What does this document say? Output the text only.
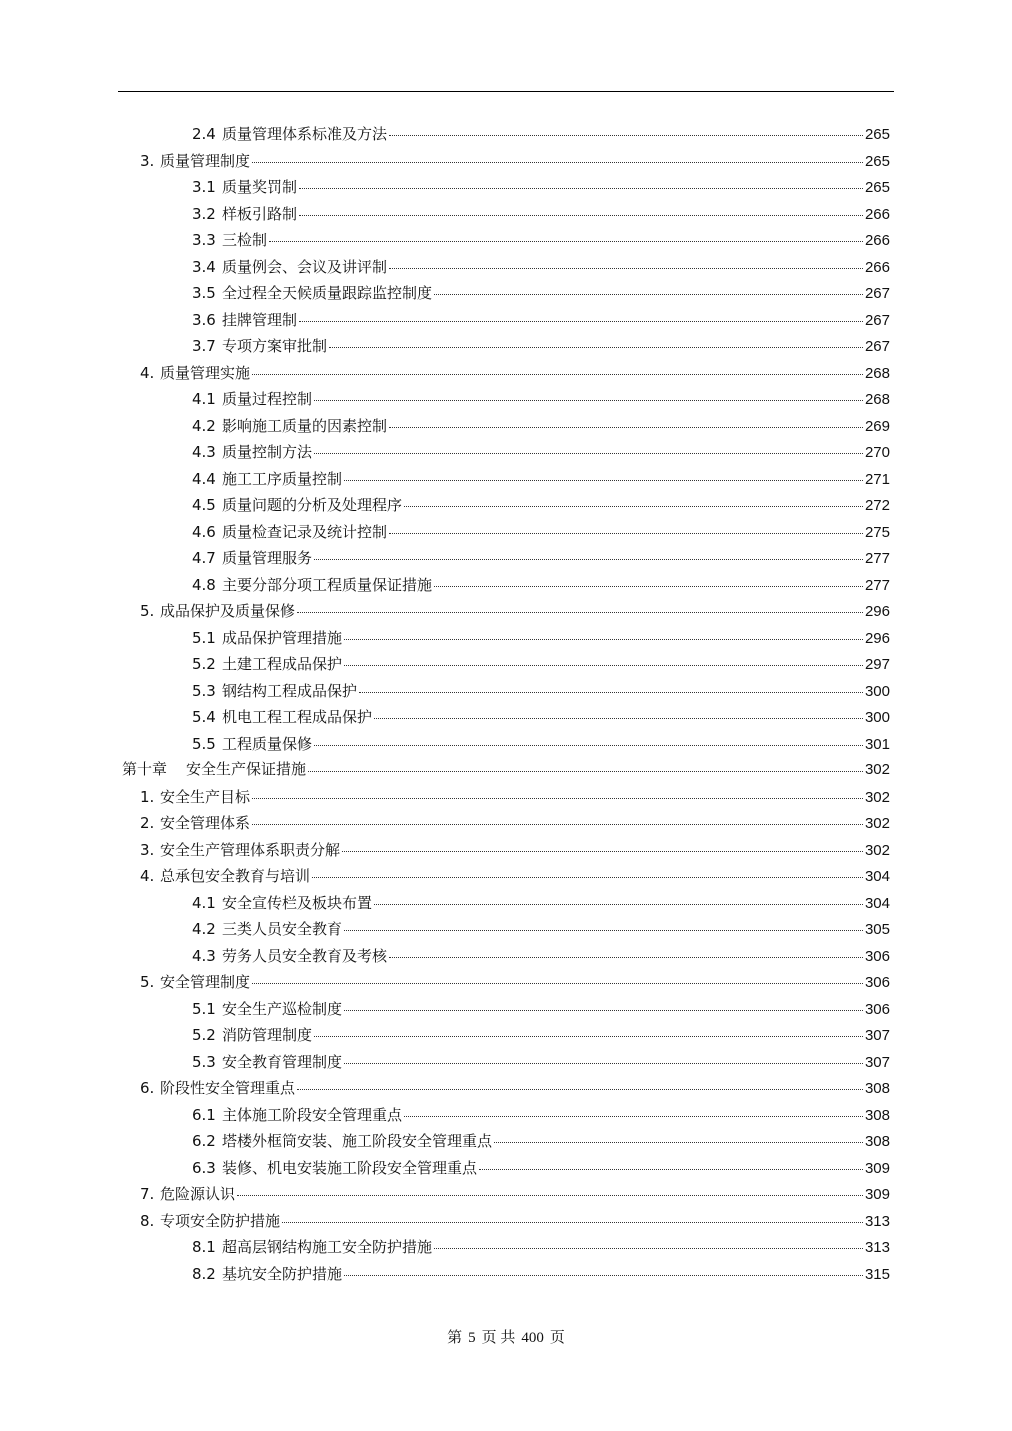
2.4 质量管理体系标准及方法	265
3. 质量管理制度	265
3.1 质量奖罚制	265
3.2 样板引路制	266
3.3 三检制	266
3.4 质量例会、会议及讲评制	266
3.5 全过程全天候质量跟踪监控制度	267
3.6 挂牌管理制	267
3.7 专项方案审批制	267
4. 质量管理实施	268
4.1 质量过程控制	268
4.2 影响施工质量的因素控制	269
4.3 质量控制方法	270
4.4 施工工序质量控制	271
4.5 质量问题的分析及处理程序	272
4.6 质量检查记录及统计控制	275
4.7 质量管理服务	277
4.8 主要分部分项工程质量保证措施	277
5. 成品保护及质量保修	296
5.1 成品保护管理措施	296
5.2 土建工程成品保护	297
5.3 钢结构工程成品保护	300
5.4 机电工程工程成品保护	300
5.5 工程质量保修	301
第十章	安全生产保证措施	302
1. 安全生产目标	302
2. 安全管理体系	302
3. 安全生产管理体系职责分解	302
4. 总承包安全教育与培训	304
4.1 安全宣传栏及板块布置	304
4.2 三类人员安全教育	305
4.3 劳务人员安全教育及考核	306
5. 安全管理制度	306
5.1 安全生产巡检制度	306
5.2 消防管理制度	307
5.3 安全教育管理制度	307
6. 阶段性安全管理重点	308
6.1 主体施工阶段安全管理重点	308
6.2 塔楼外框筒安装、施工阶段安全管理重点	308
6.3 装修、机电安装施工阶段安全管理重点	309
7. 危险源认识	309
8. 专项安全防护措施	313
8.1 超高层钢结构施工安全防护措施	313
8.2 基坑安全防护措施	315
第 5 页 共 400 页
